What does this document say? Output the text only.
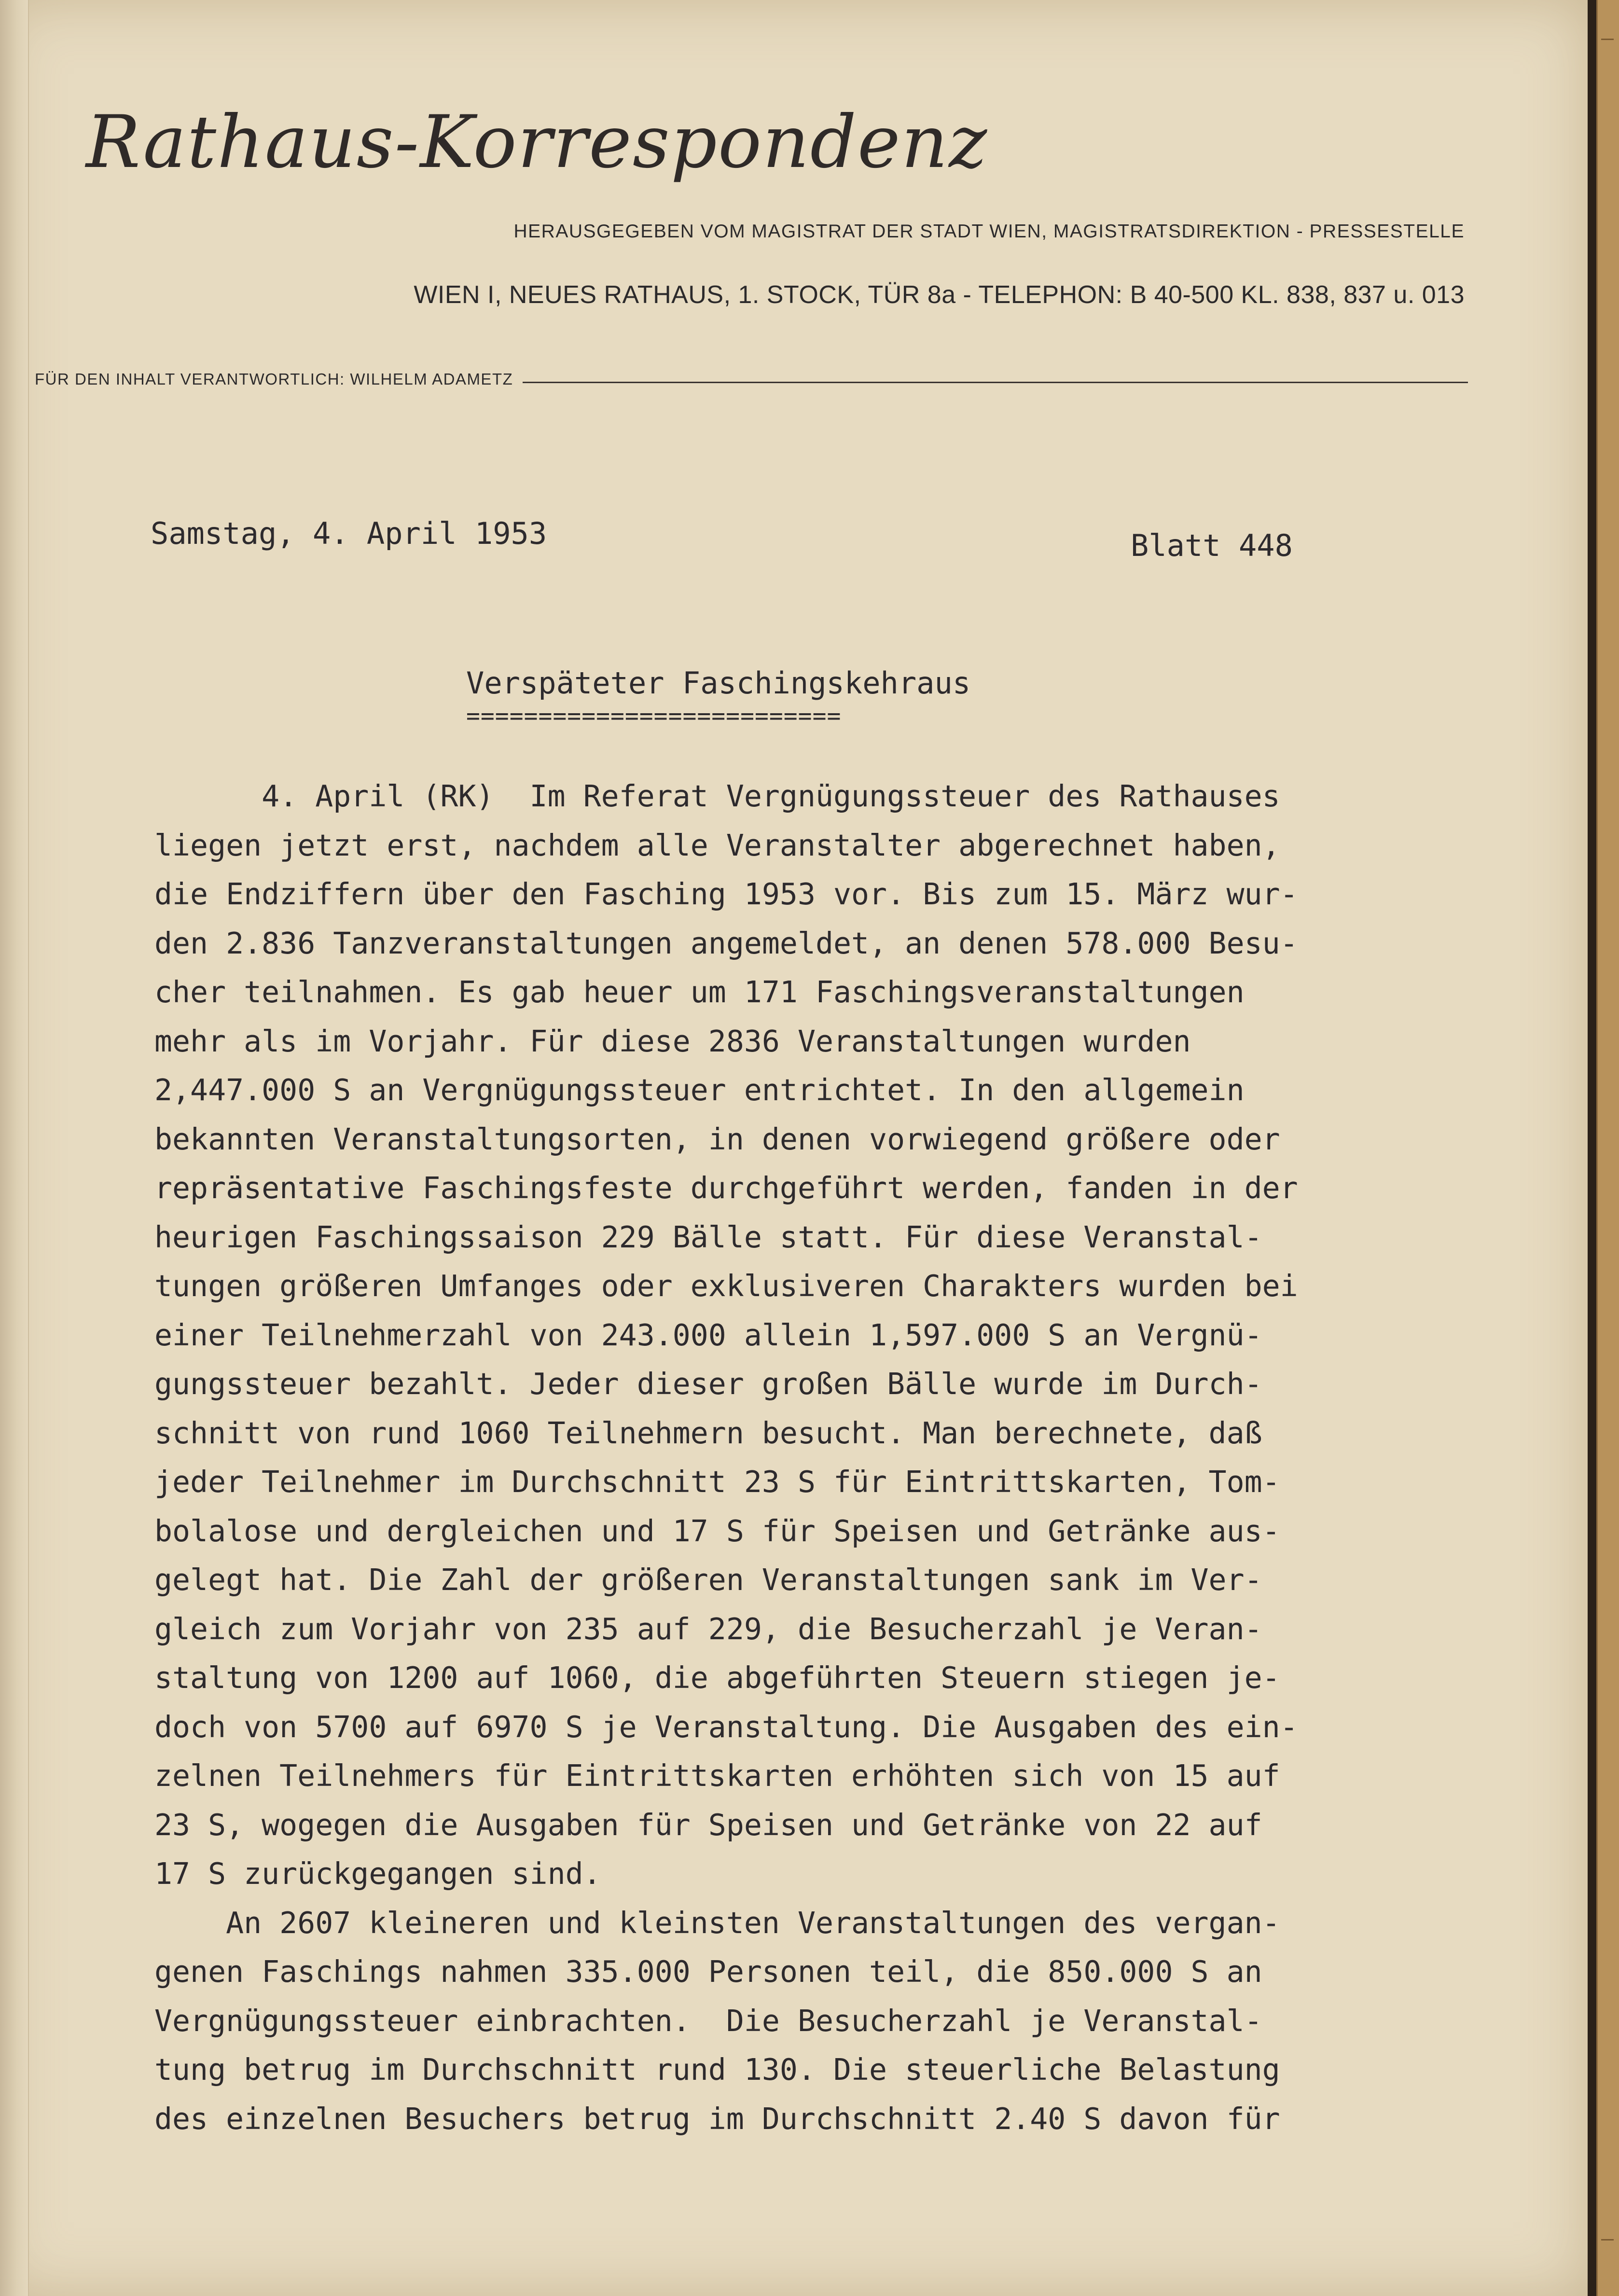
Rathaus-Korrespondenz
HERAUSGEGEBEN VOM MAGISTRAT DER STADT WIEN, MAGISTRATSDIREKTION - PRESSESTELLE
WIEN I, NEUES RATHAUS, 1. STOCK, TÜR 8a - TELEPHON: B 40-500 KL. 838, 837 u. 013
FÜR DEN INHALT VERANTWORTLICH: WILHELM ADAMETZ
Samstag, 4. April 1953	Blatt 448
Verspäteter Faschingskehraus
==========================
4. April (RK)  Im Referat Vergnügungssteuer des Rathauses
liegen jetzt erst, nachdem alle Veranstalter abgerechnet haben,
die Endziffern über den Fasching 1953 vor. Bis zum 15. März wur-
den 2.836 Tanzveranstaltungen angemeldet, an denen 578.000 Besu-
cher teilnahmen. Es gab heuer um 171 Faschingsveranstaltungen
mehr als im Vorjahr. Für diese 2836 Veranstaltungen wurden
2,447.000 S an Vergnügungssteuer entrichtet. In den allgemein
bekannten Veranstaltungsorten, in denen vorwiegend größere oder
repräsentative Faschingsfeste durchgeführt werden, fanden in der
heurigen Faschingssaison 229 Bälle statt. Für diese Veranstal-
tungen größeren Umfanges oder exklusiveren Charakters wurden bei
einer Teilnehmerzahl von 243.000 allein 1,597.000 S an Vergnü-
gungssteuer bezahlt. Jeder dieser großen Bälle wurde im Durch-
schnitt von rund 1060 Teilnehmern besucht. Man berechnete, daß
jeder Teilnehmer im Durchschnitt 23 S für Eintrittskarten, Tom-
bolalose und dergleichen und 17 S für Speisen und Getränke aus-
gelegt hat. Die Zahl der größeren Veranstaltungen sank im Ver-
gleich zum Vorjahr von 235 auf 229, die Besucherzahl je Veran-
staltung von 1200 auf 1060, die abgeführten Steuern stiegen je-
doch von 5700 auf 6970 S je Veranstaltung. Die Ausgaben des ein-
zelnen Teilnehmers für Eintrittskarten erhöhten sich von 15 auf
23 S, wogegen die Ausgaben für Speisen und Getränke von 22 auf
17 S zurückgegangen sind.
An 2607 kleineren und kleinsten Veranstaltungen des vergan-
genen Faschings nahmen 335.000 Personen teil, die 850.000 S an
Vergnügungssteuer einbrachten.  Die Besucherzahl je Veranstal-
tung betrug im Durchschnitt rund 130. Die steuerliche Belastung
des einzelnen Besuchers betrug im Durchschnitt 2.40 S davon für
